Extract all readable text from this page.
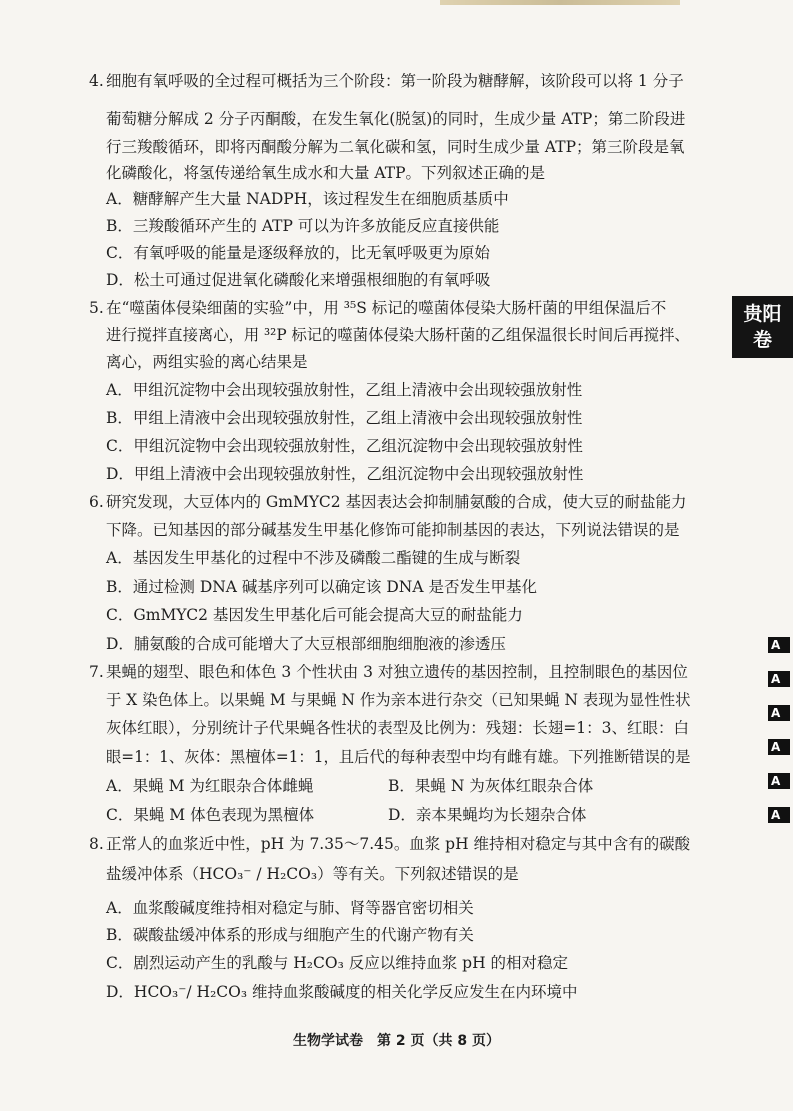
4. 细胞有氧呼吸的全过程可概括为三个阶段：第一阶段为糖酵解，该阶段可以将 1 分子
葡萄糖分解成 2 分子丙酮酸，在发生氧化(脱氢)的同时，生成少量 ATP；第二阶段进
行三羧酸循环，即将丙酮酸分解为二氧化碳和氢，同时生成少量 ATP；第三阶段是氧
化磷酸化，将氢传递给氧生成水和大量 ATP。下列叙述正确的是
A．糖酵解产生大量 NADPH，该过程发生在细胞质基质中
B．三羧酸循环产生的 ATP 可以为许多放能反应直接供能
C．有氧呼吸的能量是逐级释放的，比无氧呼吸更为原始
D．松土可通过促进氧化磷酸化来增强根细胞的有氧呼吸
5. 在“噬菌体侵染细菌的实验”中，用 ³⁵S 标记的噬菌体侵染大肠杆菌的甲组保温后不
进行搅拌直接离心，用 ³²P 标记的噬菌体侵染大肠杆菌的乙组保温很长时间后再搅拌、
离心，两组实验的离心结果是
A．甲组沉淀物中会出现较强放射性，乙组上清液中会出现较强放射性
B．甲组上清液中会出现较强放射性，乙组上清液中会出现较强放射性
C．甲组沉淀物中会出现较强放射性，乙组沉淀物中会出现较强放射性
D．甲组上清液中会出现较强放射性，乙组沉淀物中会出现较强放射性
6. 研究发现，大豆体内的 GmMYC2 基因表达会抑制脯氨酸的合成，使大豆的耐盐能力
下降。已知基因的部分碱基发生甲基化修饰可能抑制基因的表达，下列说法错误的是
A．基因发生甲基化的过程中不涉及磷酸二酯键的生成与断裂
B．通过检测 DNA 碱基序列可以确定该 DNA 是否发生甲基化
C．GmMYC2 基因发生甲基化后可能会提高大豆的耐盐能力
D．脯氨酸的合成可能增大了大豆根部细胞细胞液的渗透压
7. 果蝇的翅型、眼色和体色 3 个性状由 3 对独立遗传的基因控制，且控制眼色的基因位
于 X 染色体上。以果蝇 M 与果蝇 N 作为亲本进行杂交（已知果蝇 N 表现为显性性状
灰体红眼），分别统计子代果蝇各性状的表型及比例为：残翅：长翅=1：3、红眼：白
眼=1：1、灰体：黑檀体=1：1，且后代的每种表型中均有雌有雄。下列推断错误的是
A．果蝇 M 为红眼杂合体雌蝇	B．果蝇 N 为灰体红眼杂合体
C．果蝇 M 体色表现为黑檀体	D．亲本果蝇均为长翅杂合体
8. 正常人的血浆近中性，pH 为 7.35～7.45。血浆 pH 维持相对稳定与其中含有的碳酸
盐缓冲体系（HCO₃⁻ / H₂CO₃）等有关。下列叙述错误的是
A．血浆酸碱度维持相对稳定与肺、肾等器官密切相关
B．碳酸盐缓冲体系的形成与细胞产生的代谢产物有关
C．剧烈运动产生的乳酸与 H₂CO₃ 反应以维持血浆 pH 的相对稳定
D．HCO₃⁻/ H₂CO₃ 维持血浆酸碱度的相关化学反应发生在内环境中
贵阳
卷
A
A
A
A
A
A
生物学试卷　第 2 页（共 8 页）
